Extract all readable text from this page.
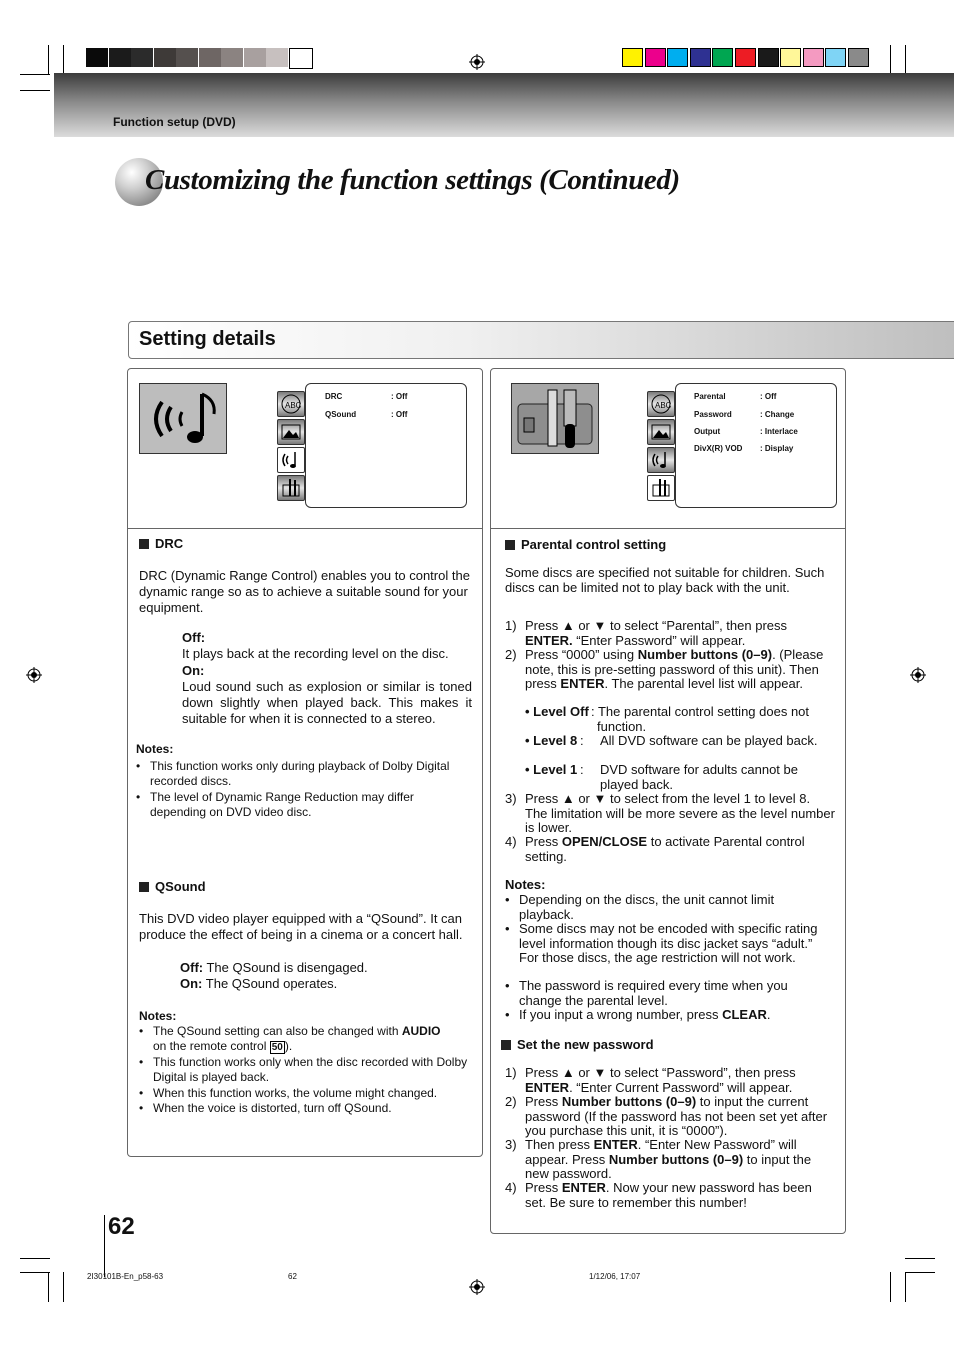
Function setup (DVD)
Customizing the function settings (Continued)
Setting details
ABC
DRC	: Off
QSound	: Off
DRC
DRC (Dynamic Range Control) enables you to control the dynamic range so as to achieve a suitable sound for your equipment.
Off:
It plays back at the recording level on the disc.
On:
Loud sound such as explosion or similar is toned down slightly when played back. This makes it suitable for when it is connected to a stereo.
Notes:
• This function works only during playback of Dolby Digital recorded discs.
• The level of Dynamic Range Reduction may differ depending on DVD video disc.
QSound
This DVD video player equipped with a “QSound”. It can produce the effect of being in a cinema or a concert hall.
Off: The QSound is disengaged.
On: The QSound operates.
Notes:
• The QSound setting can also be changed with AUDIO
on the remote control 50 ).
• This function works only when the disc recorded with Dolby Digital is played back.
• When this function works, the volume might changed.
• When the voice is distorted, turn off QSound.
ABC
Parental	: Off
Password	: Change
Output	: Interlace
DivX(R) VOD : Display
Parental control setting
Some discs are specified not suitable for children. Such discs can be limited not to play back with the unit.
1) Press ▲ or ▼ to select “Parental”, then press ENTER. “Enter Password” will appear.
2) Press “0000” using Number buttons (0–9). (Please note, this is pre-setting password of this unit). Then press ENTER. The parental level list will appear.
• Level Off : The parental control setting does not function.
• Level 8 : All DVD software can be played back.
• Level 1 : DVD software for adults cannot be played back.
3) Press ▲ or ▼ to select from the level 1 to level 8. The limitation will be more severe as the level number is lower.
4) Press OPEN/CLOSE to activate Parental control setting.
Notes:
• Depending on the discs, the unit cannot limit playback.
• Some discs may not be encoded with specific rating level information though its disc jacket says “adult.” For those discs, the age restriction will not work.
• The password is required every time when you change the parental level.
• If you input a wrong number, press CLEAR.
Set the new password
1) Press ▲ or ▼ to select “Password”, then press ENTER. “Enter Current Password” will appear.
2) Press Number buttons (0–9) to input the current password (If the password has not been set yet after you purchase this unit, it is “0000”).
3) Then press ENTER. “Enter New Password” will appear. Press Number buttons (0–9) to input the new password.
4) Press ENTER. Now your new password has been set. Be sure to remember this number!
62
2I30101B-En_p58-63	62	1/12/06, 17:07
